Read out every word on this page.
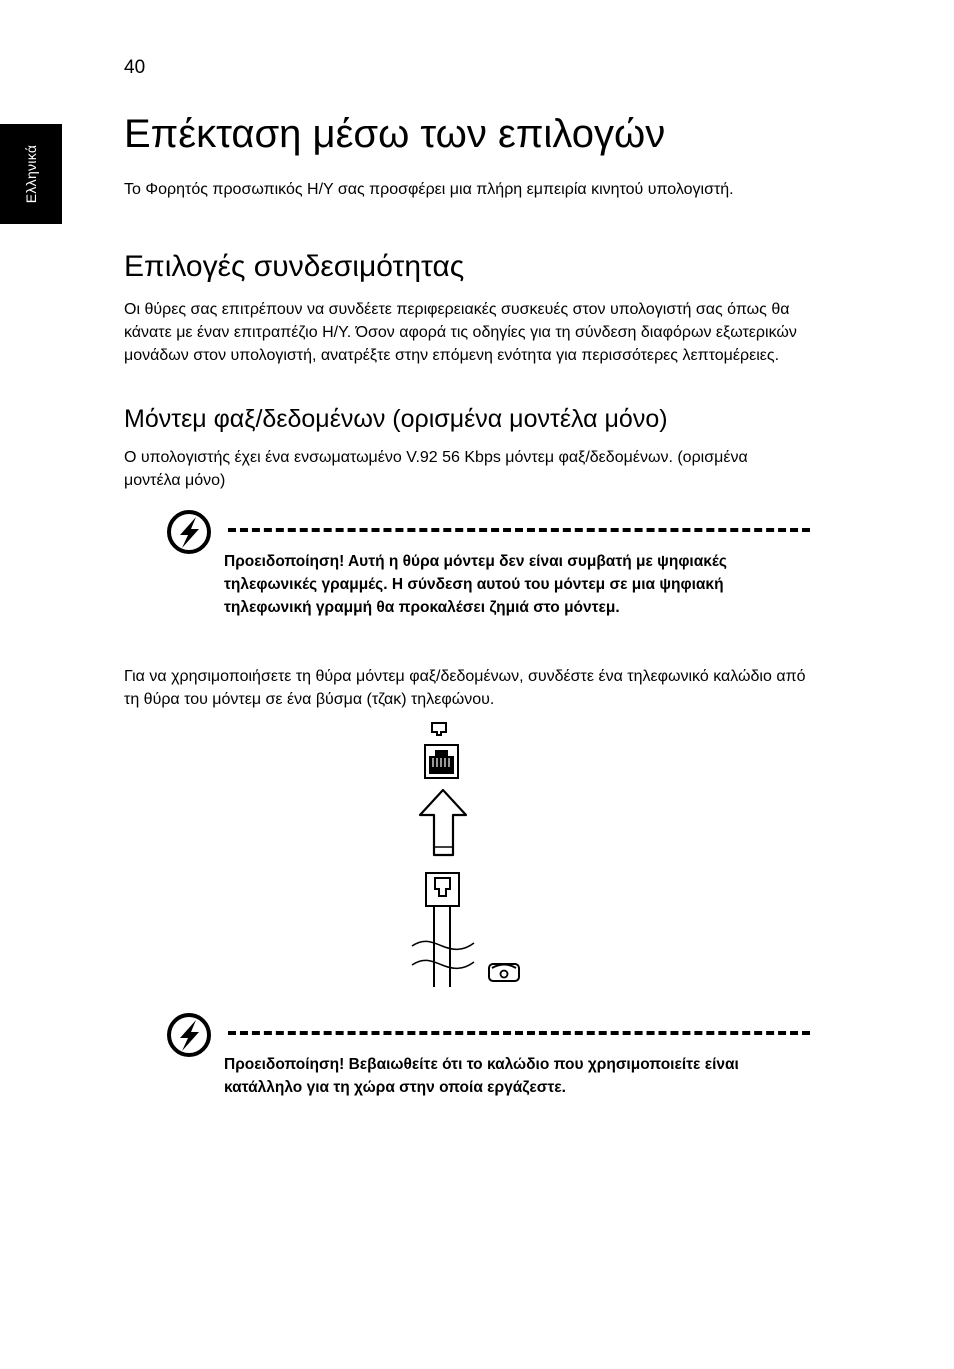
40
Ελληνικά
Επέκταση μέσω των επιλογών

Το Φορητός προσωπικός Η/Υ σας προσφέρει μια πλήρη εμπειρία κινητού υπολογιστή.

Επιλογές συνδεσιμότητας

Οι θύρες σας επιτρέπουν να συνδέετε περιφερειακές συσκευές στον υπολογιστή σας όπως θα κάνατε με έναν επιτραπέζιο Η/Υ. Όσον αφορά τις οδηγίες για τη σύνδεση διαφόρων εξωτερικών μονάδων στον υπολογιστή, ανατρέξτε στην επόμενη ενότητα για περισσότερες λεπτομέρειες.

Μόντεμ φαξ/δεδομένων (ορισμένα μοντέλα μόνο)

Ο υπολογιστής έχει ένα ενσωματωμένο V.92 56 Kbps μόντεμ φαξ/δεδομένων. (ορισμένα μοντέλα μόνο)

Προειδοποίηση! Αυτή η θύρα μόντεμ δεν είναι συμβατή με ψηφιακές τηλεφωνικές γραμμές. Η σύνδεση αυτού του μόντεμ σε μια ψηφιακή τηλεφωνική γραμμή θα προκαλέσει ζημιά στο μόντεμ.

Για να χρησιμοποιήσετε τη θύρα μόντεμ φαξ/δεδομένων, συνδέστε ένα τηλεφωνικό καλώδιο από τη θύρα του μόντεμ σε ένα βύσμα (τζακ) τηλεφώνου.

Προειδοποίηση! Βεβαιωθείτε ότι το καλώδιο που χρησιμοποιείτε είναι κατάλληλο για τη χώρα στην οποία εργάζεστε.
